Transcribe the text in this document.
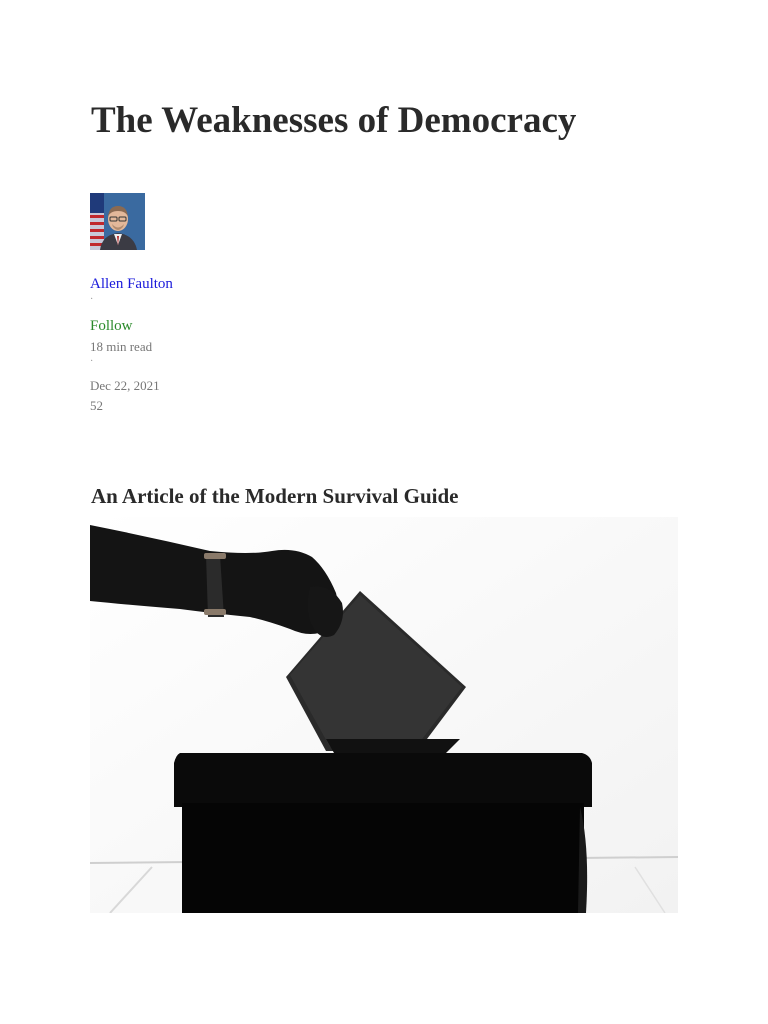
The Weaknesses of Democracy
Allen Faulton
·
Follow
18 min read
·
Dec 22, 2021
52
An Article of the Modern Survival Guide
